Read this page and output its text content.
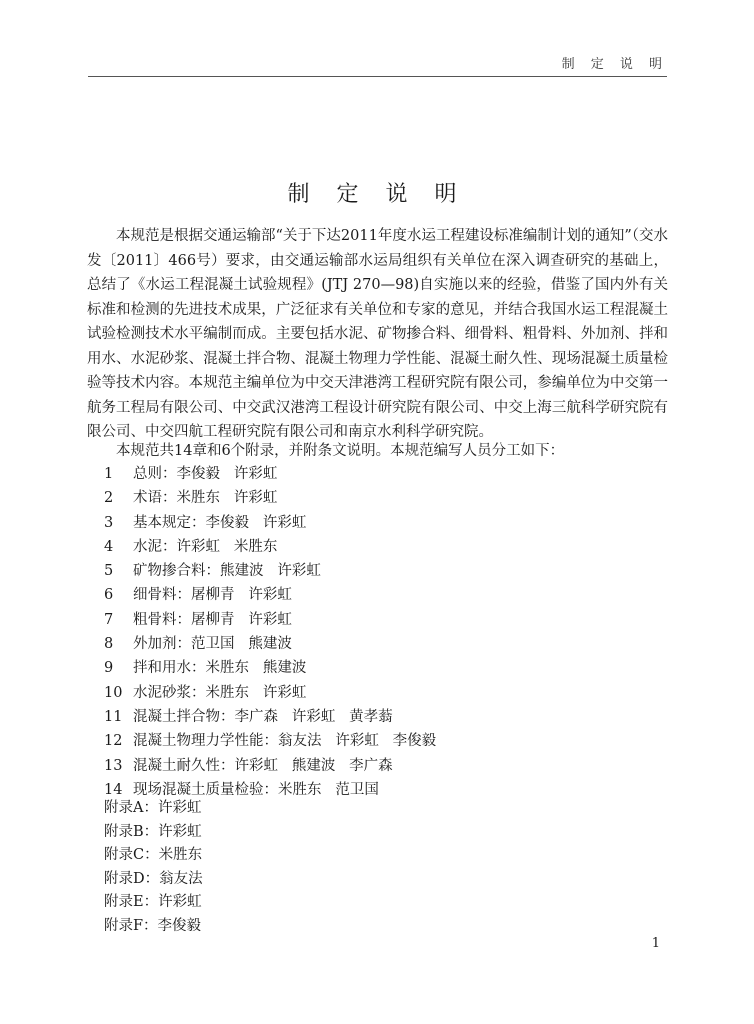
制 定 说 明
制 定 说 明

本规范是根据交通运输部“关于下达2011年度水运工程建设标准编制计划的通知”（交水发〔2011〕466号）要求，由交通运输部水运局组织有关单位在深入调查研究的基础上，总结了《水运工程混凝土试验规程》(JTJ 270—98)自实施以来的经验，借鉴了国内外有关标准和检测的先进技术成果，广泛征求有关单位和专家的意见，并结合我国水运工程混凝土试验检测技术水平编制而成。主要包括水泥、矿物掺合料、细骨料、粗骨料、外加剂、拌和用水、水泥砂浆、混凝土拌合物、混凝土物理力学性能、混凝土耐久性、现场混凝土质量检验等技术内容。本规范主编单位为中交天津港湾工程研究院有限公司，参编单位为中交第一航务工程局有限公司、中交武汉港湾工程设计研究院有限公司、中交上海三航科学研究院有限公司、中交四航工程研究院有限公司和南京水利科学研究院。

本规范共14章和6个附录，并附条文说明。本规范编写人员分工如下：

1 总则：李俊毅   许彩虹
2 术语：米胜东   许彩虹
3 基本规定：李俊毅   许彩虹
4 水泥：许彩虹   米胜东
5 矿物掺合料：熊建波   许彩虹
6 细骨料：屠柳青   许彩虹
7 粗骨料：屠柳青   许彩虹
8 外加剂：范卫国   熊建波
9 拌和用水：米胜东   熊建波
10 水泥砂浆：米胜东   许彩虹
11 混凝土拌合物：李广森   许彩虹   黄孝蓊
12 混凝土物理力学性能：翁友法   许彩虹   李俊毅
13 混凝土耐久性：许彩虹   熊建波   李广森
14 现场混凝土质量检验：米胜东   范卫国
附录A：许彩虹
附录B：许彩虹
附录C：米胜东
附录D：翁友法
附录E：许彩虹
附录F：李俊毅
1
